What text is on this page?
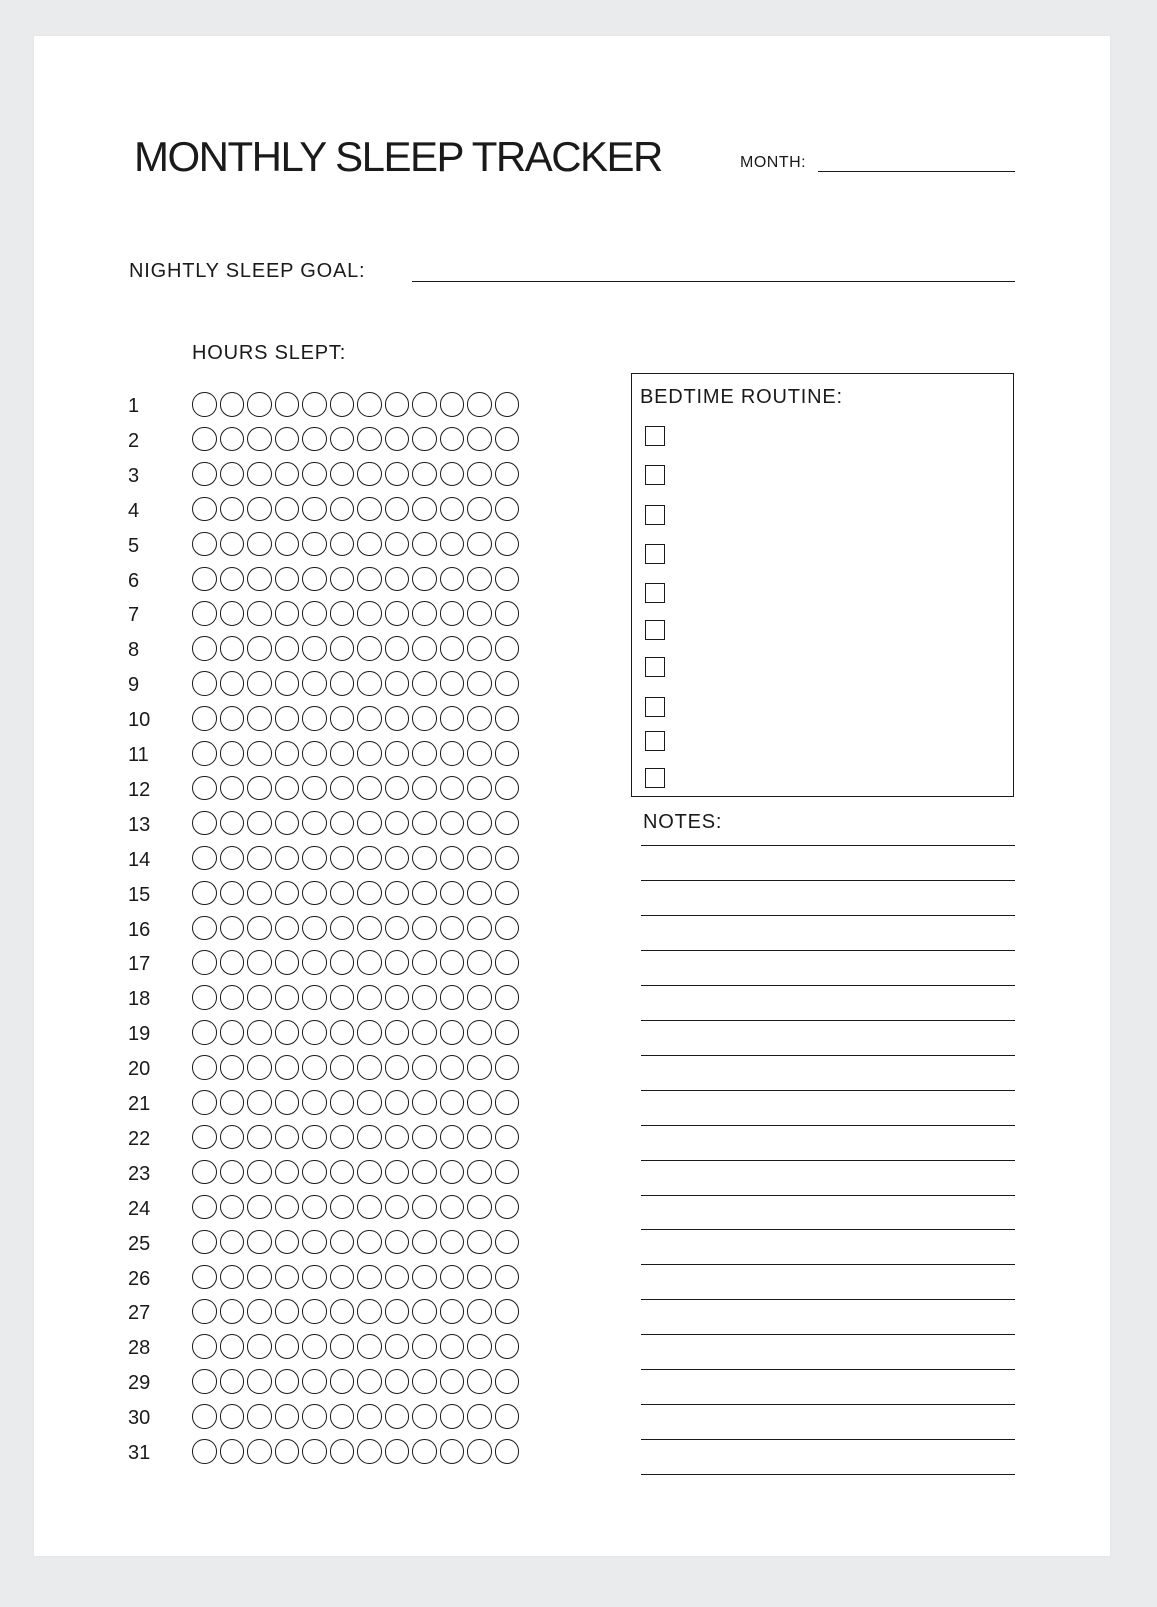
MONTHLY SLEEP TRACKER	MONTH:
NIGHTLY SLEEP GOAL:
HOURS SLEPT:
1
2
3
4
5
6
7
8
9
10
11
12
13
14
15
16
17
18
19
20
21
22
23
24
25
26
27
28
29
30
31
BEDTIME ROUTINE:
NOTES:
